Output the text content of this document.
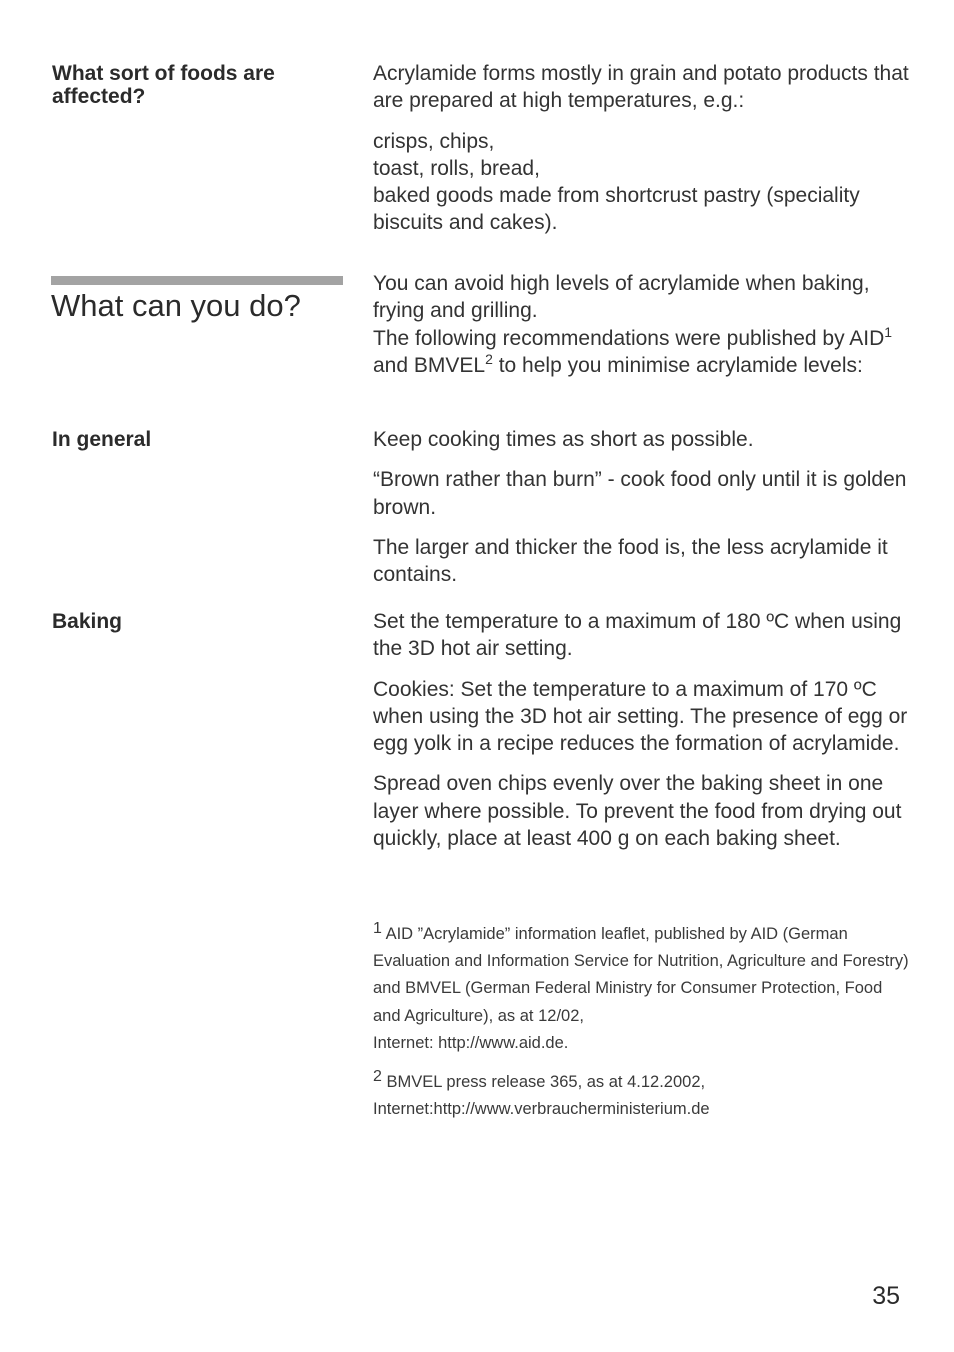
What sort of foods are affected?

Acrylamide forms mostly in grain and potato products that are prepared at high temperatures, e.g.:

crisps, chips,

toast, rolls, bread,

baked goods made from shortcrust pastry (speciality biscuits and cakes).

What can you do?

You can avoid high levels of acrylamide when baking, frying and grilling.

The following recommendations were published by AID$^1$ and BMVEL$^2$ to help you minimise acrylamide levels:

In general	Keep cooking times as short as possible.

“Brown rather than burn” - cook food only until it is golden brown.

The larger and thicker the food is, the less acrylamide it contains.

Baking	Set the temperature to a maximum of 180 ºC when using the 3D hot air setting.

Cookies: Set the temperature to a maximum of 170 ºC when using the 3D hot air setting. The presence of egg or egg yolk in a recipe reduces the formation of acrylamide.

Spread oven chips evenly over the baking sheet in one layer where possible. To prevent the food from drying out quickly, place at least 400 g on each baking sheet.

1 AID ”Acrylamide” information leaflet, published by AID (German Evaluation and Information Service for Nutrition, Agriculture and Forestry) and BMVEL (German Federal Ministry for Consumer Protection, Food and Agriculture), as at 12/02,

Internet: http://www.aid.de.

2 BMVEL press release 365, as at 4.12.2002,

Internet:http://www.verbraucherministerium.de

35
